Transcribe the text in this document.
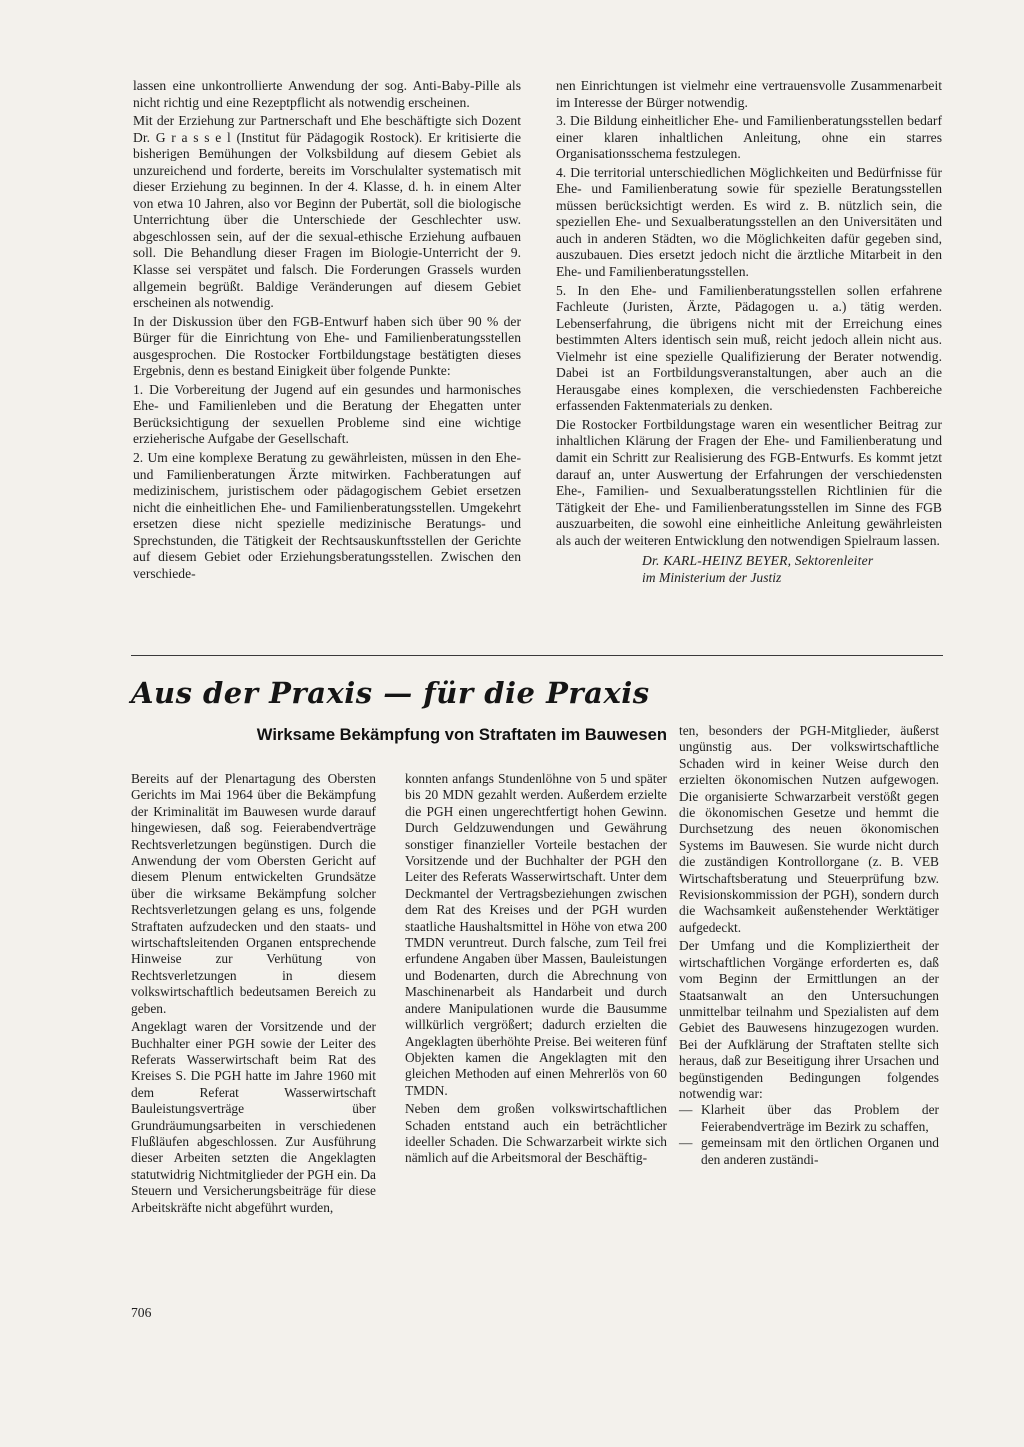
lassen eine unkontrollierte Anwendung der sog. Anti-Baby-Pille als nicht richtig und eine Rezeptpflicht als notwendig erscheinen.

Mit der Erziehung zur Partnerschaft und Ehe beschäftigte sich Dozent Dr. G r a s s e l (Institut für Pädagogik Rostock). Er kritisierte die bisherigen Bemühungen der Volksbildung auf diesem Gebiet als unzureichend und forderte, bereits im Vorschulalter systematisch mit dieser Erziehung zu beginnen. In der 4. Klasse, d. h. in einem Alter von etwa 10 Jahren, also vor Beginn der Pubertät, soll die biologische Unterrichtung über die Unterschiede der Geschlechter usw. abgeschlossen sein, auf der die sexual-ethische Erziehung aufbauen soll. Die Behandlung dieser Fragen im Biologie-Unterricht der 9. Klasse sei verspätet und falsch. Die Forderungen Grassels wurden allgemein begrüßt. Baldige Veränderungen auf diesem Gebiet erscheinen als notwendig.

In der Diskussion über den FGB-Entwurf haben sich über 90 % der Bürger für die Einrichtung von Ehe- und Familienberatungsstellen ausgesprochen. Die Rostocker Fortbildungstage bestätigten dieses Ergebnis, denn es bestand Einigkeit über folgende Punkte:

1. Die Vorbereitung der Jugend auf ein gesundes und harmonisches Ehe- und Familienleben und die Beratung der Ehegatten unter Berücksichtigung der sexuellen Probleme sind eine wichtige erzieherische Aufgabe der Gesellschaft.

2. Um eine komplexe Beratung zu gewährleisten, müssen in den Ehe- und Familienberatungen Ärzte mitwirken. Fachberatungen auf medizinischem, juristischem oder pädagogischem Gebiet ersetzen nicht die einheitlichen Ehe- und Familienberatungsstellen. Umgekehrt ersetzen diese nicht spezielle medizinische Beratungs- und Sprechstunden, die Tätigkeit der Rechtsauskunftsstellen der Gerichte auf diesem Gebiet oder Erziehungsberatungsstellen. Zwischen den verschiede-

nen Einrichtungen ist vielmehr eine vertrauensvolle Zusammenarbeit im Interesse der Bürger notwendig.

3. Die Bildung einheitlicher Ehe- und Familienberatungsstellen bedarf einer klaren inhaltlichen Anleitung, ohne ein starres Organisationsschema festzulegen.

4. Die territorial unterschiedlichen Möglichkeiten und Bedürfnisse für Ehe- und Familienberatung sowie für spezielle Beratungsstellen müssen berücksichtigt werden. Es wird z. B. nützlich sein, die speziellen Ehe- und Sexualberatungsstellen an den Universitäten und auch in anderen Städten, wo die Möglichkeiten dafür gegeben sind, auszubauen. Dies ersetzt jedoch nicht die ärztliche Mitarbeit in den Ehe- und Familienberatungsstellen.

5. In den Ehe- und Familienberatungsstellen sollen erfahrene Fachleute (Juristen, Ärzte, Pädagogen u. a.) tätig werden. Lebenserfahrung, die übrigens nicht mit der Erreichung eines bestimmten Alters identisch sein muß, reicht jedoch allein nicht aus. Vielmehr ist eine spezielle Qualifizierung der Berater notwendig. Dabei ist an Fortbildungsveranstaltungen, aber auch an die Herausgabe eines komplexen, die verschiedensten Fachbereiche erfassenden Faktenmaterials zu denken.

Die Rostocker Fortbildungstage waren ein wesentlicher Beitrag zur inhaltlichen Klärung der Fragen der Ehe- und Familienberatung und damit ein Schritt zur Realisierung des FGB-Entwurfs. Es kommt jetzt darauf an, unter Auswertung der Erfahrungen der verschiedensten Ehe-, Familien- und Sexualberatungsstellen Richtlinien für die Tätigkeit der Ehe- und Familienberatungsstellen im Sinne des FGB auszuarbeiten, die sowohl eine einheitliche Anleitung gewährleisten als auch der weiteren Entwicklung den notwendigen Spielraum lassen.

Dr. KARL-HEINZ BEYER, Sektorenleiter
im Ministerium der Justiz
Aus der Praxis — für die Praxis
Wirksame Bekämpfung von Straftaten im Bauwesen

Bereits auf der Plenartagung des Obersten Gerichts im Mai 1964 über die Bekämpfung der Kriminalität im Bauwesen wurde darauf hingewiesen, daß sog. Feierabendverträge Rechtsverletzungen begünstigen. Durch die Anwendung der vom Obersten Gericht auf diesem Plenum entwickelten Grundsätze über die wirksame Bekämpfung solcher Rechtsverletzungen gelang es uns, folgende Straftaten aufzudecken und den staats- und wirtschaftsleitenden Organen entsprechende Hinweise zur Verhütung von Rechtsverletzungen in diesem volkswirtschaftlich bedeutsamen Bereich zu geben.

Angeklagt waren der Vorsitzende und der Buchhalter einer PGH sowie der Leiter des Referats Wasserwirtschaft beim Rat des Kreises S. Die PGH hatte im Jahre 1960 mit dem Referat Wasserwirtschaft Bauleistungsverträge über Grundräumungsarbeiten in verschiedenen Flußläufen abgeschlossen. Zur Ausführung dieser Arbeiten setzten die Angeklagten statutwidrig Nichtmitglieder der PGH ein. Da Steuern und Versicherungsbeiträge für diese Arbeitskräfte nicht abgeführt wurden,

konnten anfangs Stundenlöhne von 5 und später bis 20 MDN gezahlt werden. Außerdem erzielte die PGH einen ungerechtfertigt hohen Gewinn. Durch Geldzuwendungen und Gewährung sonstiger finanzieller Vorteile bestachen der Vorsitzende und der Buchhalter der PGH den Leiter des Referats Wasserwirtschaft. Unter dem Deckmantel der Vertragsbeziehungen zwischen dem Rat des Kreises und der PGH wurden staatliche Haushaltsmittel in Höhe von etwa 200 TMDN veruntreut. Durch falsche, zum Teil frei erfundene Angaben über Massen, Bauleistungen und Bodenarten, durch die Abrechnung von Maschinenarbeit als Handarbeit und durch andere Manipulationen wurde die Bausumme willkürlich vergrößert; dadurch erzielten die Angeklagten überhöhte Preise. Bei weiteren fünf Objekten kamen die Angeklagten mit den gleichen Methoden auf einen Mehrerlös von 60 TMDN.

Neben dem großen volkswirtschaftlichen Schaden entstand auch ein beträchtlicher ideeller Schaden. Die Schwarzarbeit wirkte sich nämlich auf die Arbeitsmoral der Beschäftig-

ten, besonders der PGH-Mitglieder, äußerst ungünstig aus. Der volkswirtschaftliche Schaden wird in keiner Weise durch den erzielten ökonomischen Nutzen aufgewogen. Die organisierte Schwarzarbeit verstößt gegen die ökonomischen Gesetze und hemmt die Durchsetzung des neuen ökonomischen Systems im Bauwesen. Sie wurde nicht durch die zuständigen Kontrollorgane (z. B. VEB Wirtschaftsberatung und Steuerprüfung bzw. Revisionskommission der PGH), sondern durch die Wachsamkeit außenstehender Werktätiger aufgedeckt.

Der Umfang und die Kompliziertheit der wirtschaftlichen Vorgänge erforderten es, daß vom Beginn der Ermittlungen an der Staatsanwalt an den Untersuchungen unmittelbar teilnahm und Spezialisten auf dem Gebiet des Bauwesens hinzugezogen wurden. Bei der Aufklärung der Straftaten stellte sich heraus, daß zur Beseitigung ihrer Ursachen und begünstigenden Bedingungen folgendes notwendig war:

— Klarheit über das Problem der Feierabendverträge im Bezirk zu schaffen,
— gemeinsam mit den örtlichen Organen und den anderen zuständi-
706
